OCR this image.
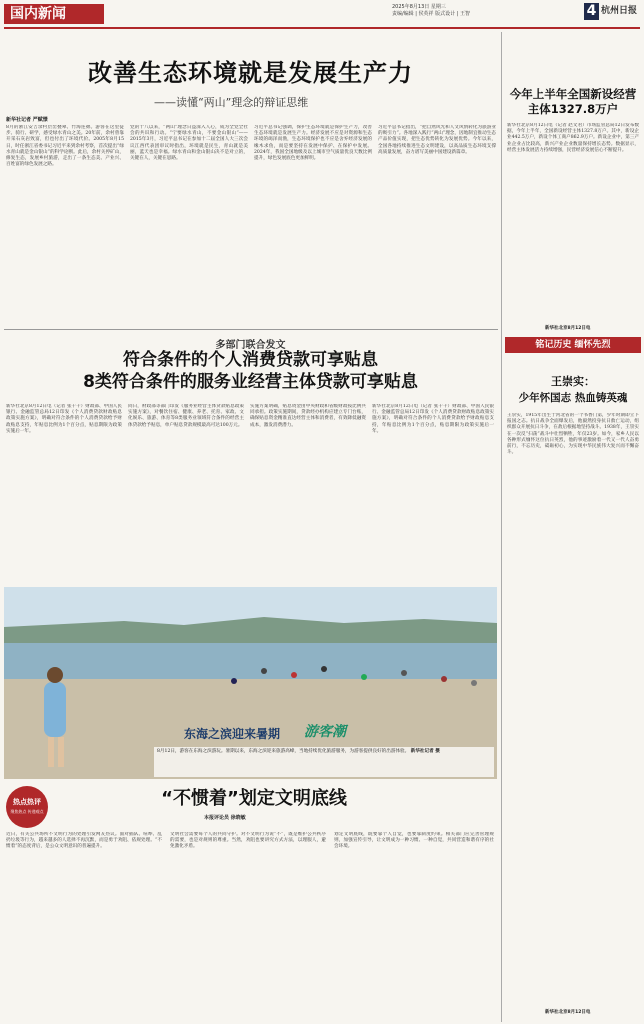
国内新闻	2025年8月13日 星期三
责编/编辑 | 侯英祥 版式设计 | 王智	4 杭州日报
改善生态环境就是发展生产力
——读懂“两山”理念的辩证思维
新华社记者 严赋憬
8月的浙江安吉余村层峦叠翠、竹海连绵。游客在这里徒步、骑行、研学，感受绿水青山之美。20年前，余村曾靠开采石灰岩致富，但也付出了环境代价。2005年8月15日，时任浙江省委书记习近平来到余村考察，首次提出“绿水青山就是金山银山”的科学论断。此后，余村关停矿山，修复生态，发展乡村旅游，走出了一条生态美、产业兴、百姓富的绿色发展之路。
党的十八以来，“两山”理念日益深入人心，成为全党全社会的共识和行动。“宁要绿水青山，不要金山银山”——2015年3月，习近平总书记在参加十二届全国人大三次会议江西代表团审议时指出，环境就是民生，青山就是美丽，蓝天也是幸福。绿水青山和金山银山决不是对立的，关键在人，关键在思路。
习近平总书记强调，保护生态环境就是保护生产力，改善生态环境就是发展生产力。经济发展不应是对资源和生态环境的竭泽而渔，生态环境保护也不应是舍弃经济发展的缘木求鱼，而是要坚持在发展中保护、在保护中发展。2024年，我国全国地级及以上城市空气质量优良天数比例提升，绿色发展底色更加鲜明。
习近平总书记指出，“把自然风光和人文风情转化为旅游业的吸引力”。各地深入践行“两山”理念，因地制宜推动生态产品价值实现，把生态优势转化为发展优势。今年以来，全国各地持续推进生态文明建设，以高品质生态环境支撑高质量发展，奋力谱写美丽中国建设新篇章。
今年上半年全国新设经营主体1327.8万户
新华社北京8月12日电（记者 赵文君）市场监管总局12日发布数据，今年上半年，全国新设经营主体1327.8万户。其中，新设企业442.5万户，新设个体工商户862.9万户。新设企业中，第三产业企业占比较高，新兴产业企业数量保持增长态势。数据显示，经营主体发展活力持续增强，民营经济发展信心不断提升。
新华社北京8月12日电
多部门联合发文
符合条件的个人消费贷款可享贴息
8类符合条件的服务业经营主体贷款可享贴息
新华社北京8月12日电（记者 张千千）财政部、中国人民银行、金融监管总局12日印发《个人消费贷款财政贴息政策实施方案》，明确对符合条件的个人消费贷款给予财政贴息支持，年贴息比例为1个百分点，贴息期限为政策实施后一年。
同日，财政部等部门印发《服务业经营主体贷款贴息政策实施方案》，对餐饮住宿、健康、养老、托育、家政、文化娱乐、旅游、体育等8类服务业领域符合条件的经营主体贷款给予贴息，单户贴息贷款规模最高可达100万元。
实施方案明确，贴息资金由中央财政和省级财政按比例共同承担。政策实施期间，贷款经办机构应建立专门台账，确保贴息资金精准直达经营主体和消费者，有效降低融资成本，激发消费潜力。
新华社北京8月12日电（记者 张千千）财政部、中国人民银行、金融监管总局12日印发《个人消费贷款财政贴息政策实施方案》，明确对符合条件的个人消费贷款给予财政贴息支持，年贴息比例为1个百分点，贴息期限为政策实施后一年。
东海之滨迎来暑期 游客潮
8月12日，游客在东海之滨游玩。暑期以来，东海之滨迎来旅游高峰，当地持续优化旅游服务，为游客提供良好的出游体验。 新华社记者 摄
热点热评
聚焦热点 传递观点
“不惯着”划定文明底线
本报评论员 徐晓敏
近日，有关公共场所不文明行为的处理引发网友热议。面对插队、喧哗、乱扔垃圾等行为，越来越多的人选择不再沉默，而是勇于劝阻、依规处理。“不惯着”的态度背后，是公众文明意识的普遍提升。
文明社会需要每个人的共同守护。对不文明行为说“不”，既是维护公共秩序的需要，也是对规则的尊重。当然，劝阻也要讲究方式方法，以理服人，避免激化矛盾。
划定文明底线，既要靠个人自觉，也要靠制度约束。相关部门应完善管理规则，加强宣传引导，让文明成为一种习惯、一种自觉，共同营造和谐有序的社会环境。
铭记历史 缅怀先烈
王崇实：
少年怀国志 热血铸英魂
王崇实，1915年出生于河北省的一个书香门第，少年时期即立下报国之志。抗日战争全面爆发后，他毅然投身抗日救亡运动，组织群众开展抗日斗争，在敌后根据地坚持战斗。1938年，王崇实在一次反“扫荡”战斗中壮烈牺牲，年仅23岁。如今，家乡人民以各种形式缅怀这位抗日英烈，他的事迹激励着一代又一代人奋勇前行，不忘历史，砥砺初心，为实现中华民族伟大复兴而不懈奋斗。
新华社北京8月12日电
